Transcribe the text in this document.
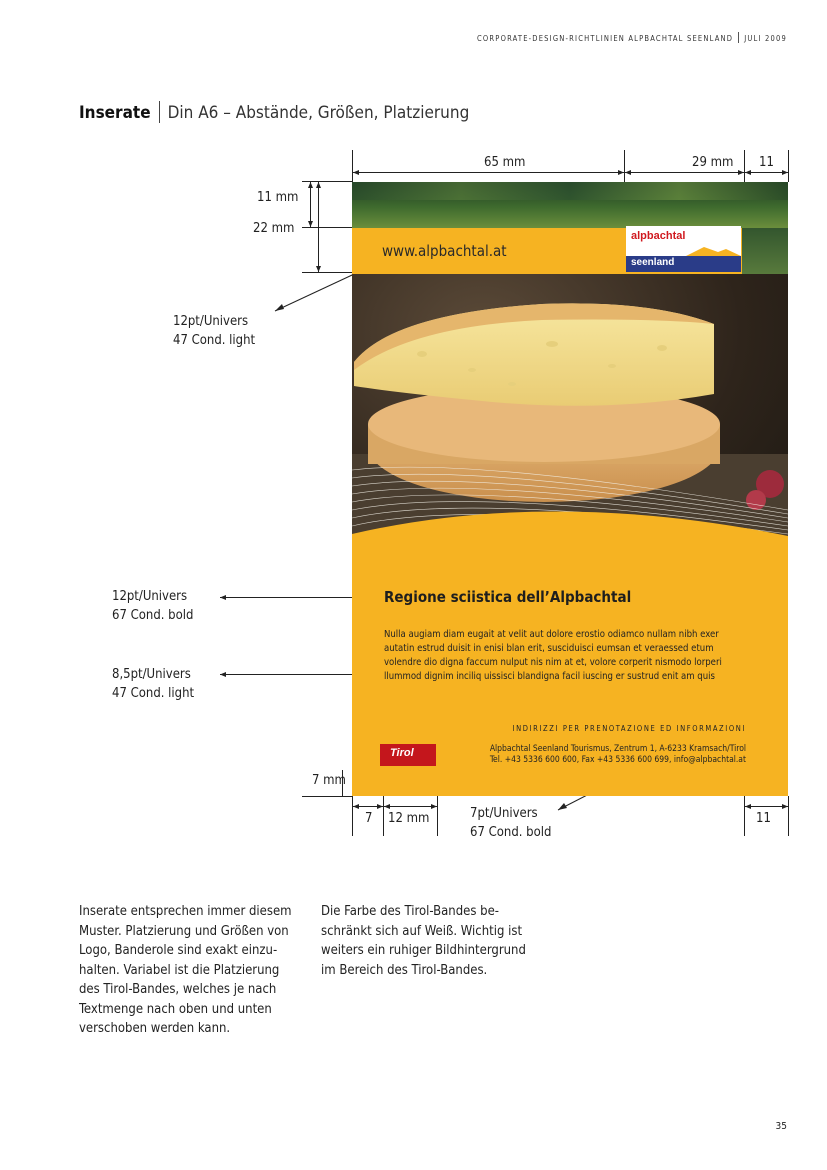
CORPORATE-DESIGN-RICHTLINIEN ALPBACHTAL SEENLAND JULI 2009
Inserate Din A6 – Abstände, Größen, Platzierung
65 mm	29 mm 11
11 mm
22 mm
7 mm
7 12 mm	11
12pt/Univers
47 Cond. light
12pt/Univers
67 Cond. bold
8,5pt/Univers
47 Cond. light
7pt/Univers
67 Cond. bold
www.alpbachtal.at
alpbachtal
seenland
Regione sciistica dell’Alpbachtal
Nulla augiam diam eugait at velit aut dolore erostio odiamco nullam nibh exer
autatin estrud duisit in enisi blan erit, susciduisci eumsan et veraessed etum
volendre dio digna faccum nulput nis nim at et, volore corperit nismodo lorperi
llummod dignim inciliq uissisci blandigna facil iuscing er sustrud enit am quis
INDIRIZZI PER PRENOTAZIONE ED INFORMAZIONI
Alpbachtal Seenland Tourismus, Zentrum 1, A-6233 Kramsach/Tirol
Tel. +43 5336 600 600, Fax +43 5336 600 699, info@alpbachtal.at
Tirol
Inserate entsprechen immer diesem
Muster. Platzierung und Größen von
Logo, Banderole sind exakt einzu-
halten. Variabel ist die Platzierung
des Tirol-Bandes, welches je nach
Textmenge nach oben und unten
verschoben werden kann.
Die Farbe des Tirol-Bandes be-
schränkt sich auf Weiß. Wichtig ist
weiters ein ruhiger Bildhintergrund
im Bereich des Tirol-Bandes.
35
